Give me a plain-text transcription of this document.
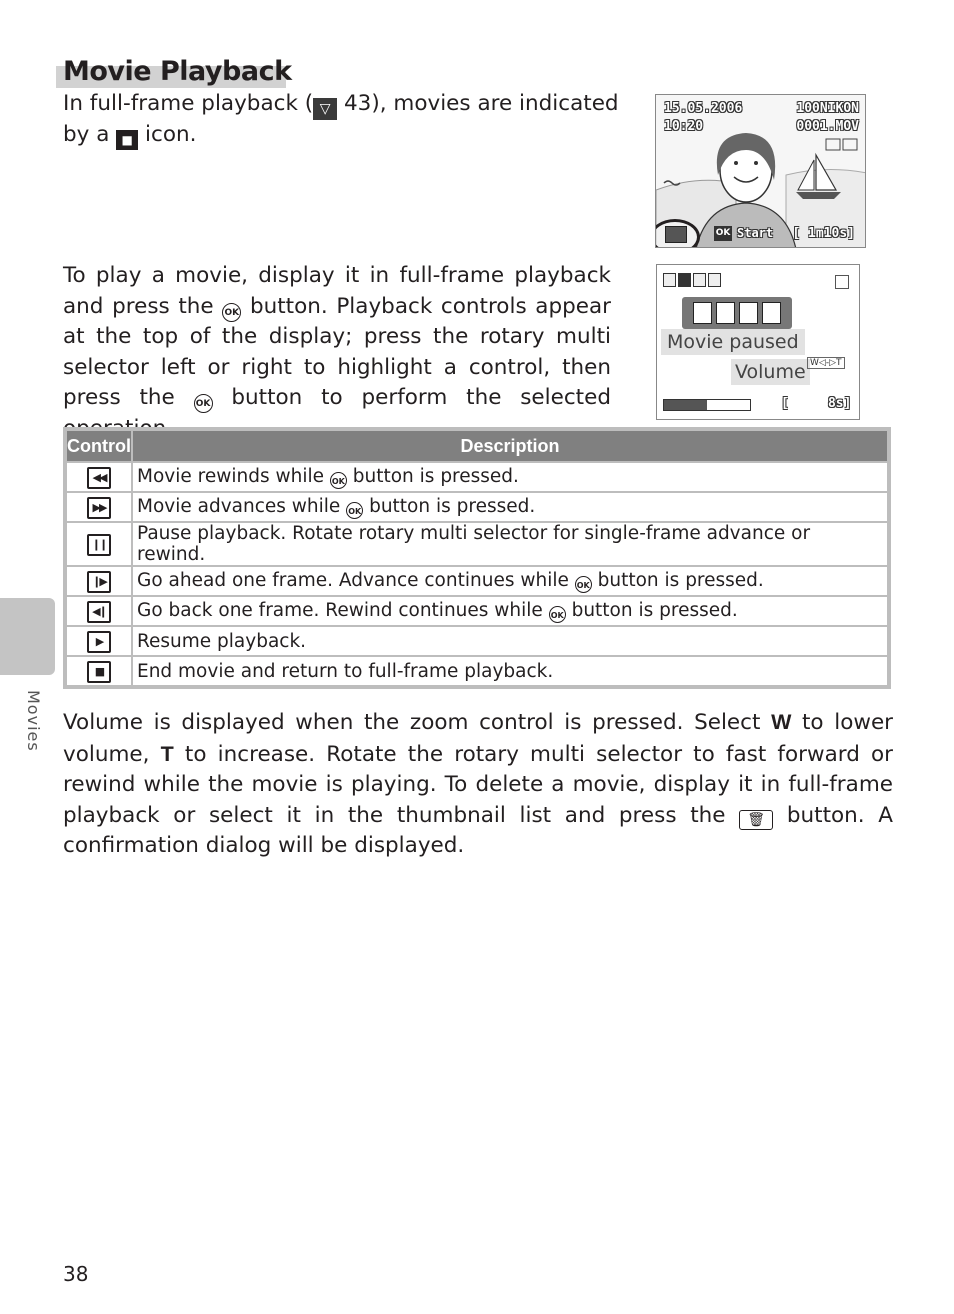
Movie Playback
In full-frame playback ( ▽ 43), movies are indicated by a ■ icon.
15.05.2006
10:20
100NIKON
0001.MOV
OK Start [ 1m10s]
To play a movie, display it in full-frame playback and press the OK button. Playback controls appear at the top of the display; press the rotary multi selector left or right to highlight a control, then press the OK button to perform the selected
Movie paused
Volume W◁‑▷T
[     8s]
Control	Description
◀◀	Movie rewinds while OK button is pressed.
▶▶	Movie advances while OK button is pressed.
❙❙	Pause playback. Rotate rotary multi selector for single-frame advance or rewind.
❙▶	Go ahead one frame. Advance continues while OK button is pressed.
◀❙	Go back one frame. Rewind continues while OK button is pressed.
▶	Resume playback.
■	End movie and return to full-frame playback.
Volume is displayed when the zoom control is pressed. Select W to lower volume, T to increase. Rotate the rotary multi selector to fast forward or rewind while the movie is playing. To delete a movie, display it in full-frame playback or select it in the thumbnail list and press the 🗑 button. A confirmation dialog will be displayed.
Movies
38
